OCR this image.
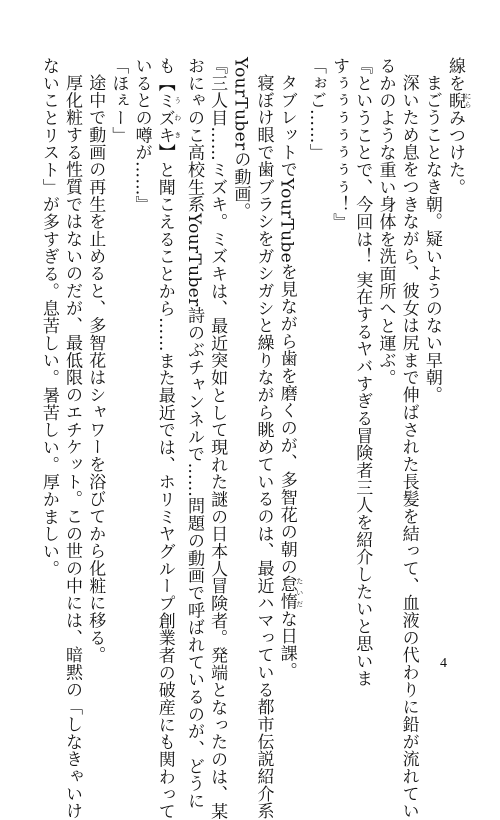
線を睨 にらみつけた。

まごうことなき朝。疑いようのない早朝。

深いため息をつきながら、彼女は尻まで伸ばされた長髪を結って、血液の代わりに鉛が流れてい

るかのような重い身体を洗面所へと運ぶ。

『ということで、今回は！ 実在するヤバすぎる冒険者三人を紹介したいと思いま

すぅぅぅぅぅぅぅ！』

「ぉご……」

タブレットでYourTubeを見ながら歯を磨くのが、多智花の朝の怠惰 たいだな日課。

寝ぼけ眼で歯ブラシをガシガシと繰りながら眺めているのは、最近ハマっている都市伝説紹介系

YourTuberの動画。

『三人目……ミズキ。ミズキは、最近突如として現れた謎の日本人冒険者。発端となったのは、某

おにゃのこ高校生系YourTuber詩のぶチャンネルで……問題の動画で呼ばれているのが、どうに

も【ミズキ うわき】と聞こえることから……また最近では、ホリミヤグループ創業者の破産にも関わって

いるとの噂が……』

「ほぇー」

途中で動画の再生を止めると、多智花はシャワーを浴びてから化粧に移る。

厚化粧する性質ではないのだが、最低限のエチケット。この世の中には、暗黙の「しなきゃいけ

ないことリスト」が多すぎる。息苦しい。暑苦しい。厚かましい。

4
